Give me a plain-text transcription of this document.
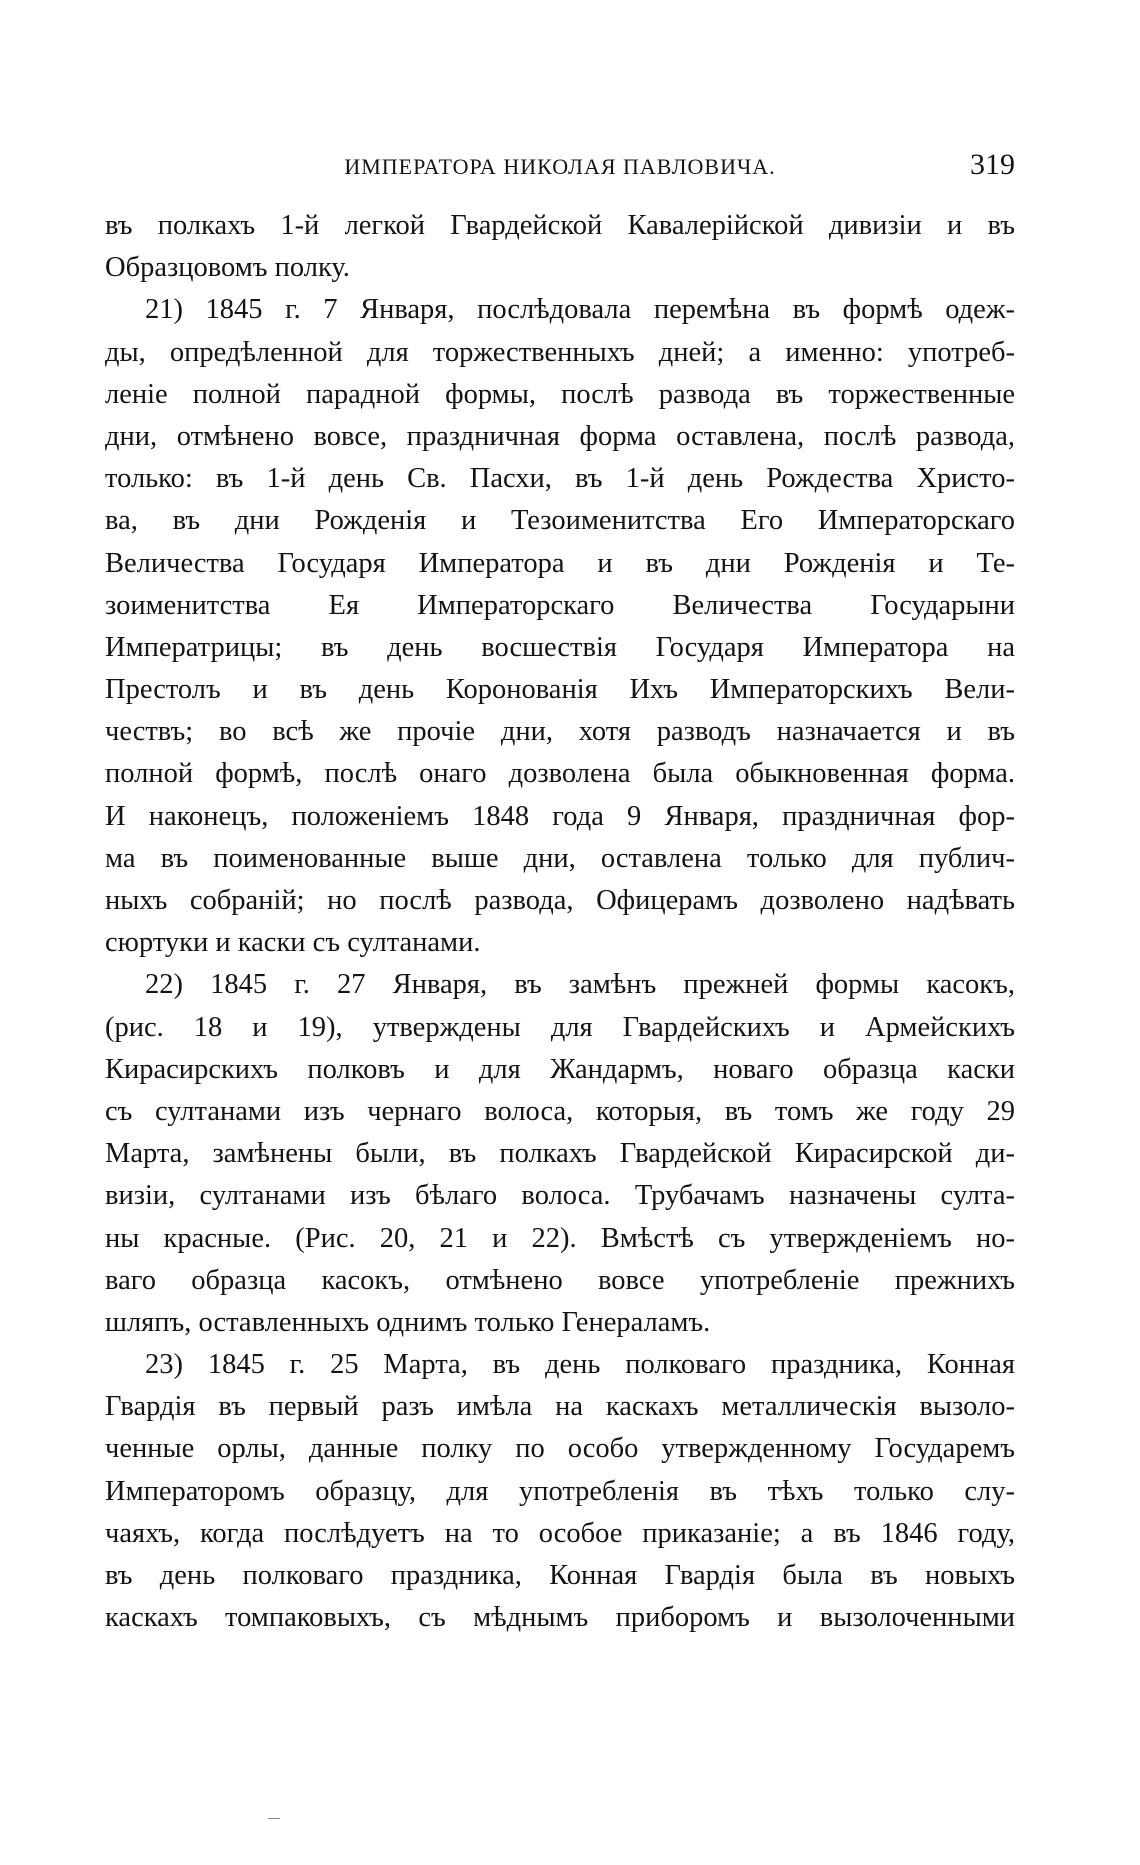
ИМПЕРАТОРА НИКОЛАЯ ПАВЛОВИЧА.	319
въ полкахъ 1-й легкой Гвардейской Кавалерійской дивизіи и въ
Образцовомъ полку.
21) 1845 г. 7 Января, послѣдовала перемѣна въ формѣ одеж-
ды, опредѣленной для торжественныхъ дней; а именно: употреб-
леніе полной парадной формы, послѣ развода въ торжественные
дни, отмѣнено вовсе, праздничная форма оставлена, послѣ развода,
только: въ 1-й день Св. Пасхи, въ 1-й день Рождества Христо-
ва, въ дни Рожденія и Тезоименитства Его Императорскаго
Величества Государя Императора и въ дни Рожденія и Те-
зоименитства Ея Императорскаго Величества Государыни
Императрицы; въ день восшествія Государя Императора на
Престолъ и въ день Коронованія Ихъ Императорскихъ Вели-
чествъ; во всѣ же прочіе дни, хотя разводъ назначается и въ
полной формѣ, послѣ онаго дозволена была обыкновенная форма.
И наконецъ, положеніемъ 1848 года 9 Января, праздничная фор-
ма въ поименованные выше дни, оставлена только для публич-
ныхъ собраній; но послѣ развода, Офицерамъ дозволено надѣвать
сюртуки и каски съ султанами.
22) 1845 г. 27 Января, въ замѣнъ прежней формы касокъ,
(рис. 18 и 19), утверждены для Гвардейскихъ и Армейскихъ
Кирасирскихъ полковъ и для Жандармъ, новаго образца каски
съ султанами изъ чернаго волоса, которыя, въ томъ же году 29
Марта, замѣнены были, въ полкахъ Гвардейской Кирасирской ди-
визіи, султанами изъ бѣлаго волоса. Трубачамъ назначены султа-
ны красные. (Рис. 20, 21 и 22). Вмѣстѣ съ утвержденіемъ но-
ваго образца касокъ, отмѣнено вовсе употребленіе прежнихъ
шляпъ, оставленныхъ однимъ только Генераламъ.
23) 1845 г. 25 Марта, въ день полковаго праздника, Конная
Гвардія въ первый разъ имѣла на каскахъ металлическія вызоло-
ченные орлы, данные полку по особо утвержденному Государемъ
Императоромъ образцу, для употребленія въ тѣхъ только слу-
чаяхъ, когда послѣдуетъ на то особое приказаніе; а въ 1846 году,
въ день полковаго праздника, Конная Гвардія была въ новыхъ
каскахъ томпаковыхъ, съ мѣднымъ приборомъ и вызолоченными
